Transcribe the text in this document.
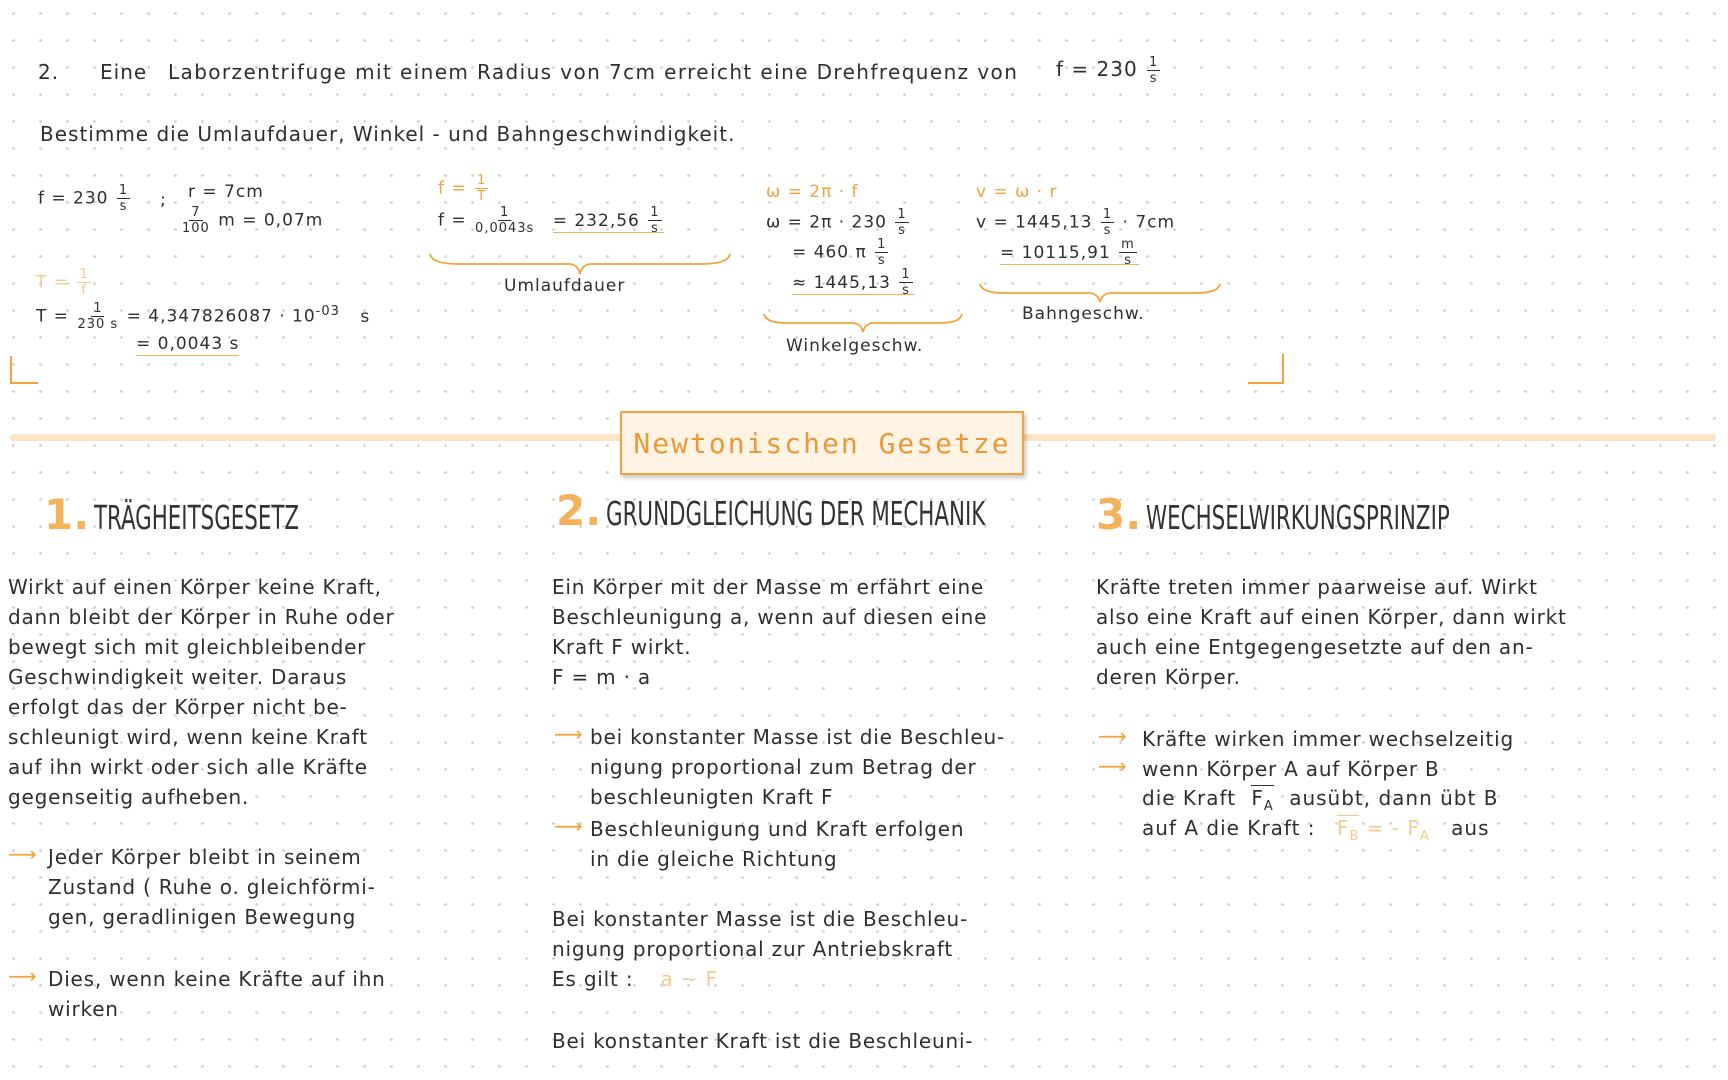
2. Eine Laborzentrifuge mit einem Radius von 7cm erreicht eine Drehfrequenz von $f = 230 \frac{1}{s}$
Bestimme die Umlaufdauer, Winkel - und Bahngeschwindigkeit.
$f = 230 \frac{1}{s}$ ; r = 7cm
$\frac{7}{100}$ m = 0,07m
$T = \frac{1}{f}$
$T = \frac{1}{230 s} = 4,347826087 \cdot 10^{-03}$ s
= 0,0043 s
$f = \frac{1}{T}$
$f = \frac{1}{0,0043s} = 232,56 \frac{1}{s}$
Umlaufdauer
ω = 2π · f
$\omega = 2\pi \cdot 230 \frac{1}{s}$
= 460 π $\frac{1}{s}$
≈ $1445,13 \frac{1}{s}$
Winkelgeschw.
v = ω · r
$v = 1445,13 \frac{1}{s} \cdot 7cm$
= $10115,91 \frac{m}{s}$
Bahngeschw.
Newtonischen Gesetze
1. TRÄGHEITSGESETZ
Wirkt auf einen Körper keine Kraft,
dann bleibt der Körper in Ruhe oder
bewegt sich mit gleichbleibender
Geschwindigkeit weiter. Daraus
erfolgt das der Körper nicht be-
schleunigt wird, wenn keine Kraft
auf ihn wirkt oder sich alle Kräfte
gegenseitig aufheben.
⟶ Jeder Körper bleibt in seinem
Zustand ( Ruhe o. gleichförmi-
gen, geradlinigen Bewegung
⟶ Dies, wenn keine Kräfte auf ihn
wirken
2. GRUNDGLEICHUNG DER MECHANIK
Ein Körper mit der Masse m erfährt eine
Beschleunigung a, wenn auf diesen eine
Kraft F wirkt.
F = m · a
⟶ bei konstanter Masse ist die Beschleu-
nigung proportional zum Betrag der
beschleunigten Kraft F
⟶ Beschleunigung und Kraft erfolgen
in die gleiche Richtung
Bei konstanter Masse ist die Beschleu-
nigung proportional zur Antriebskraft
Es gilt : a ~ F
Bei konstanter Kraft ist die Beschleuni-
3. WECHSELWIRKUNGSPRINZIP
Kräfte treten immer paarweise auf. Wirkt
also eine Kraft auf einen Körper, dann wirkt
auch eine Entgegengesetzte auf den an-
deren Körper.
⟶ Kräfte wirken immer wechselzeitig
⟶ wenn Körper A auf Körper B
die Kraft $F_A$ ausübt, dann übt B
auf A die Kraft : $F_B$ = - $F_A$ aus
